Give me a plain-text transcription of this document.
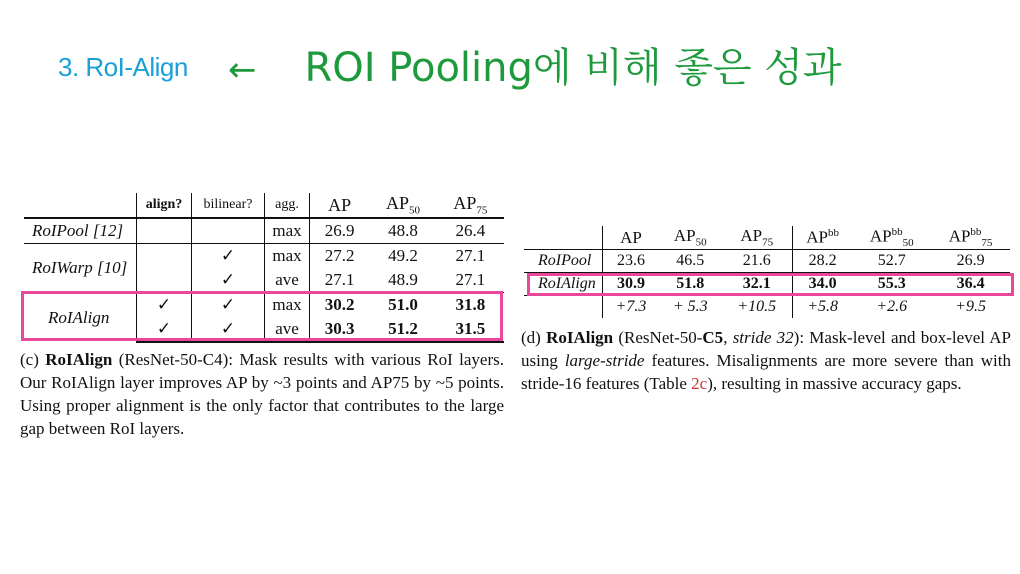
3. RoI-Align ← ROI Pooling에 비해 좋은 성과
	align?	bilinear?	agg.	AP	$AP_{50}$	$AP_{75}$
RoIPool [12]			max	26.9	48.8	26.4
RoIWarp [10]		✓	max	27.2	49.2	27.1
		✓	ave	27.1	48.9	27.1
RoIAlign	✓	✓	max	30.2	51.0	31.8
	✓	✓	ave	30.3	51.2	31.5
(c) RoIAlign (ResNet-50-C4): Mask results with various RoI layers. Our RoIAlign layer improves AP by ~3 points and AP75 by ~5 points. Using proper alignment is the only factor that contributes to the large gap between RoI layers.
	AP	$AP_{50}$	$AP_{75}$	$AP^{bb}$	$AP^{bb}_{50}$	$AP^{bb}_{75}$
RoIPool	23.6	46.5	21.6	28.2	52.7	26.9
RoIAlign	30.9	51.8	32.1	34.0	55.3	36.4
	+7.3	+ 5.3	+10.5	+5.8	+2.6	+9.5
(d) RoIAlign (ResNet-50-C5, stride 32): Mask-level and box-level AP using large-stride features. Misalignments are more severe than with stride-16 features (Table 2c), resulting in massive accuracy gaps.
